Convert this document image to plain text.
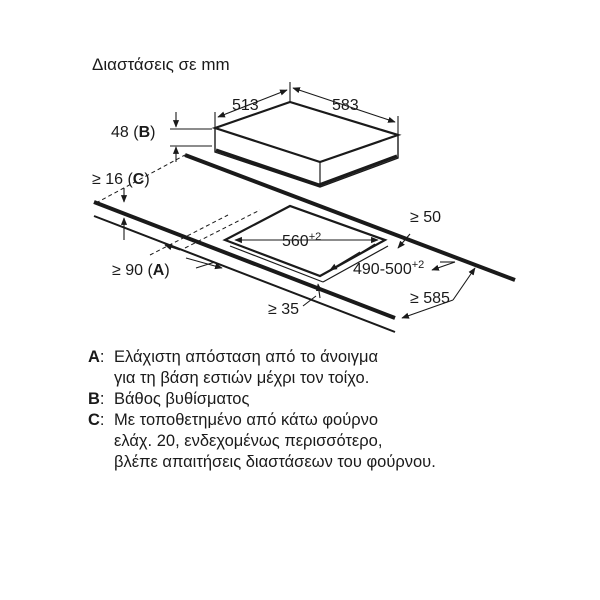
Διαστάσεις σε mm
513	583
48 (B)
≥ 16 (C)
≥ 90 (A)
$560^{+2}$
$490-500^{+2}$
≥ 50
≥ 585
≥ 35
A: Ελάχιστη απόσταση από το άνοιγμα
για τη βάση εστιών μέχρι τον τοίχο.
B: Βάθος βυθίσματος
C: Με τοποθετημένο από κάτω φούρνο
ελάχ. 20, ενδεχομένως περισσότερο,
βλέπε απαιτήσεις διαστάσεων του φούρνου.
